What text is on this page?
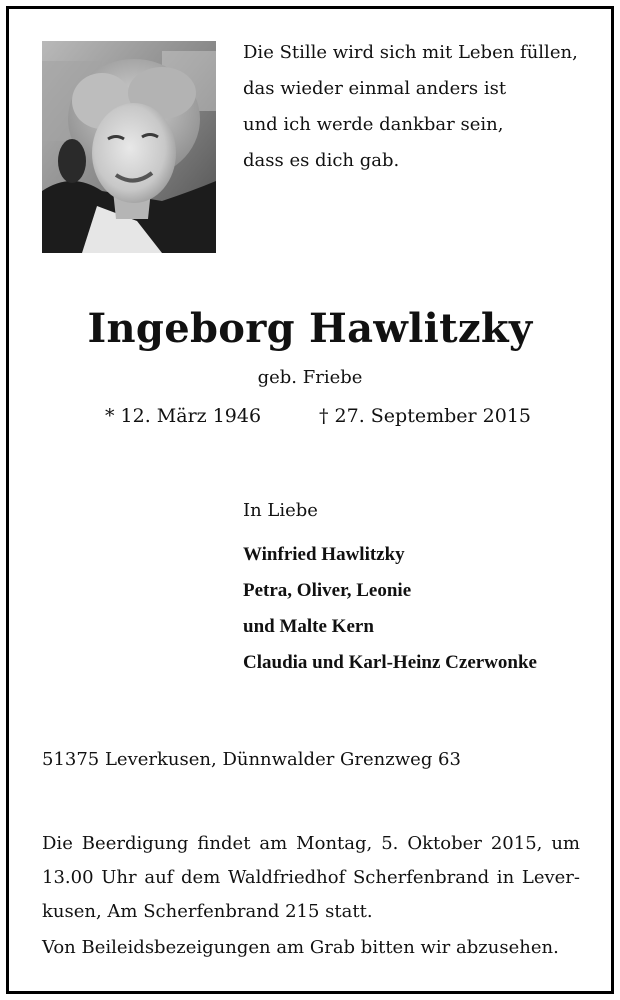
Die Stille wird sich mit Leben füllen,
das wieder einmal anders ist
und ich werde dankbar sein,
dass es dich gab.
Ingeborg Hawlitzky
geb. Friebe
* 12. März 1946	† 27. September 2015
In Liebe
Winfried Hawlitzky
Petra, Oliver, Leonie
und Malte Kern
Claudia und Karl-Heinz Czerwonke
51375 Leverkusen, Dünnwalder Grenzweg 63
Die Beerdigung findet am Montag, 5. Oktober 2015, um
13.00 Uhr auf dem Waldfriedhof Scherfenbrand in Lever-
kusen, Am Scherfenbrand 215 statt.
Von Beileidsbezeigungen am Grab bitten wir abzusehen.
